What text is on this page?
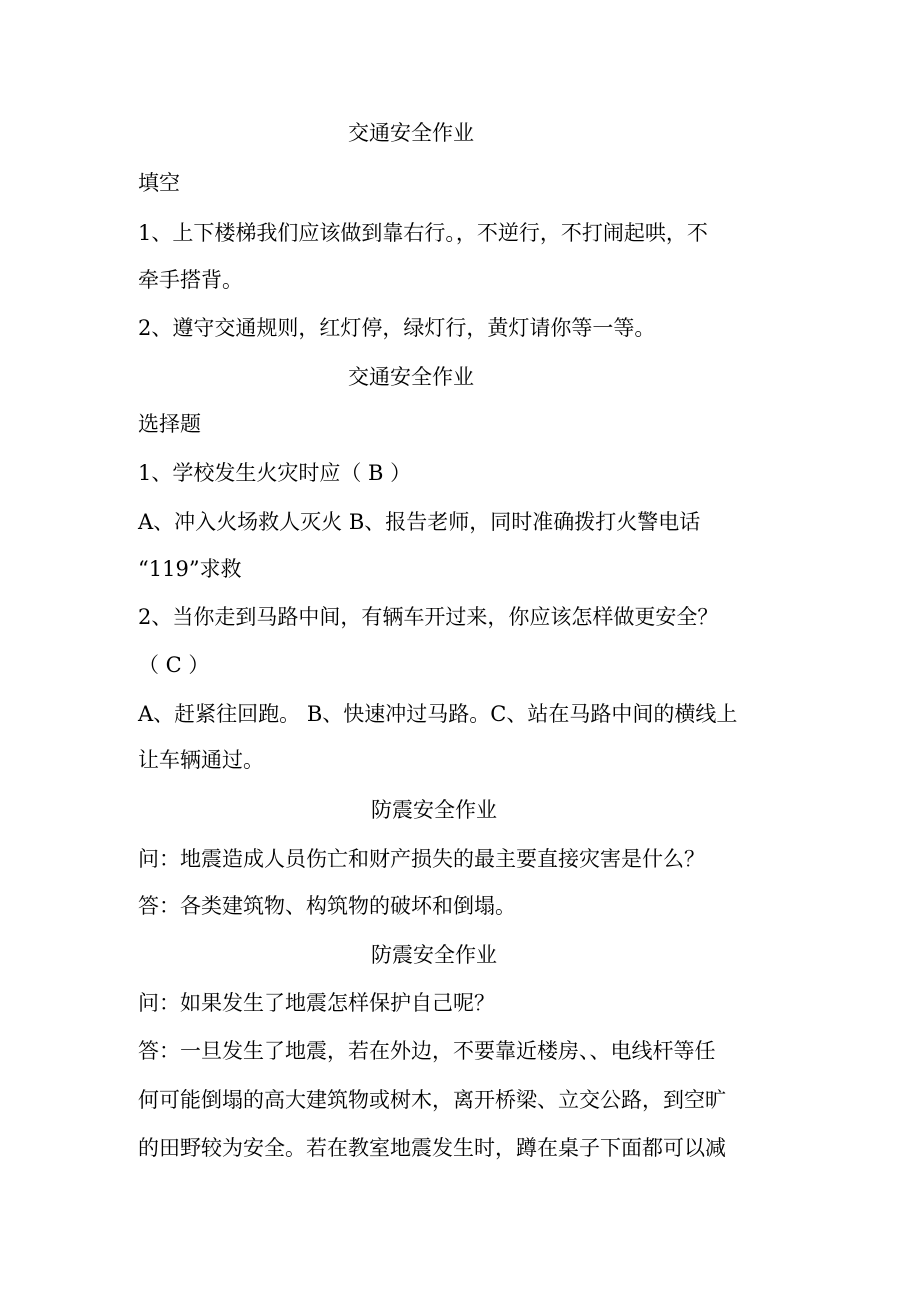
交通安全作业
填空
1、上下楼梯我们应该做到靠右行。，不逆行，不打闹起哄，不
牵手搭背。
2、遵守交通规则，红灯停，绿灯行，黄灯请你等一等。
交通安全作业
选择题
1、学校发生火灾时应（ B ）
A、冲入火场救人灭火 B、报告老师，同时准确拨打火警电话
“119”求救
2、当你走到马路中间，有辆车开过来，你应该怎样做更安全？
（ C ）
A、赶紧往回跑。 B、快速冲过马路。C、站在马路中间的横线上
让车辆通过。
防震安全作业
问：地震造成人员伤亡和财产损失的最主要直接灾害是什么？
答：各类建筑物、构筑物的破坏和倒塌。
防震安全作业
问：如果发生了地震怎样保护自己呢？
答：一旦发生了地震，若在外边，不要靠近楼房、、电线杆等任
何可能倒塌的高大建筑物或树木，离开桥梁、立交公路，到空旷
的田野较为安全。若在教室地震发生时，蹲在桌子下面都可以减
